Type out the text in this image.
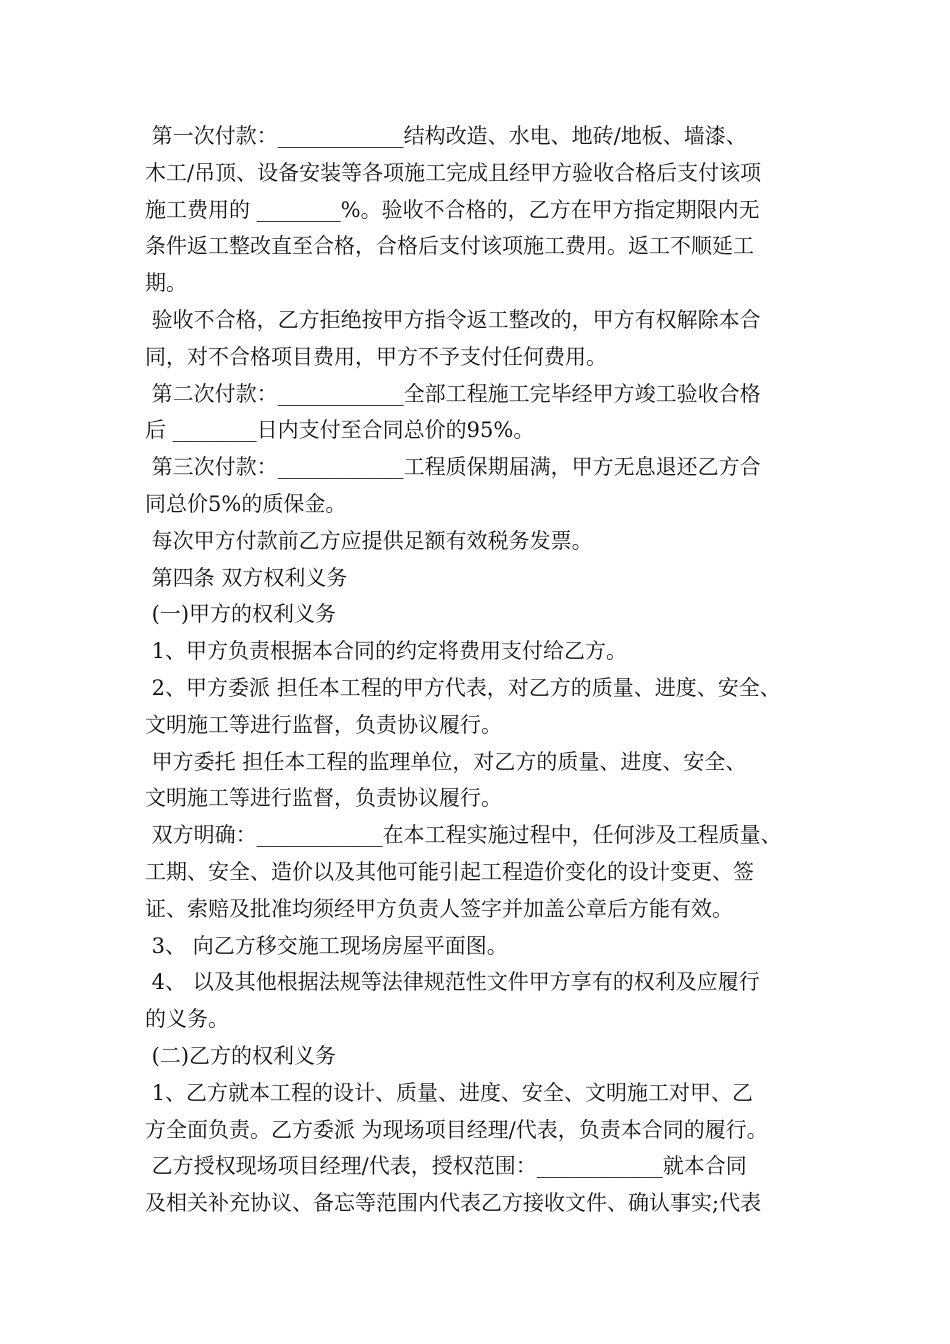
第一次付款：____________结构改造、水电、地砖/地板、墙漆、
木工/吊顶、设备安装等各项施工完成且经甲方验收合格后支付该项
施工费用的 ________%。验收不合格的，乙方在甲方指定期限内无
条件返工整改直至合格，合格后支付该项施工费用。返工不顺延工
期。
验收不合格，乙方拒绝按甲方指令返工整改的，甲方有权解除本合
同，对不合格项目费用，甲方不予支付任何费用。
第二次付款：____________全部工程施工完毕经甲方竣工验收合格
后 ________日内支付至合同总价的95%。
第三次付款：____________工程质保期届满，甲方无息退还乙方合
同总价5%的质保金。
每次甲方付款前乙方应提供足额有效税务发票。
第四条 双方权利义务
(一)甲方的权利义务
1、甲方负责根据本合同的约定将费用支付给乙方。
2、甲方委派 担任本工程的甲方代表，对乙方的质量、进度、安全、
文明施工等进行监督，负责协议履行。
甲方委托 担任本工程的监理单位，对乙方的质量、进度、安全、
文明施工等进行监督，负责协议履行。
双方明确：____________在本工程实施过程中，任何涉及工程质量、
工期、安全、造价以及其他可能引起工程造价变化的设计变更、签
证、索赔及批准均须经甲方负责人签字并加盖公章后方能有效。
3、 向乙方移交施工现场房屋平面图。
4、 以及其他根据法规等法律规范性文件甲方享有的权利及应履行
的义务。
(二)乙方的权利义务
1、乙方就本工程的设计、质量、进度、安全、文明施工对甲、乙
方全面负责。乙方委派 为现场项目经理/代表，负责本合同的履行。
乙方授权现场项目经理/代表，授权范围：____________就本合同
及相关补充协议、备忘等范围内代表乙方接收文件、确认事实;代表
